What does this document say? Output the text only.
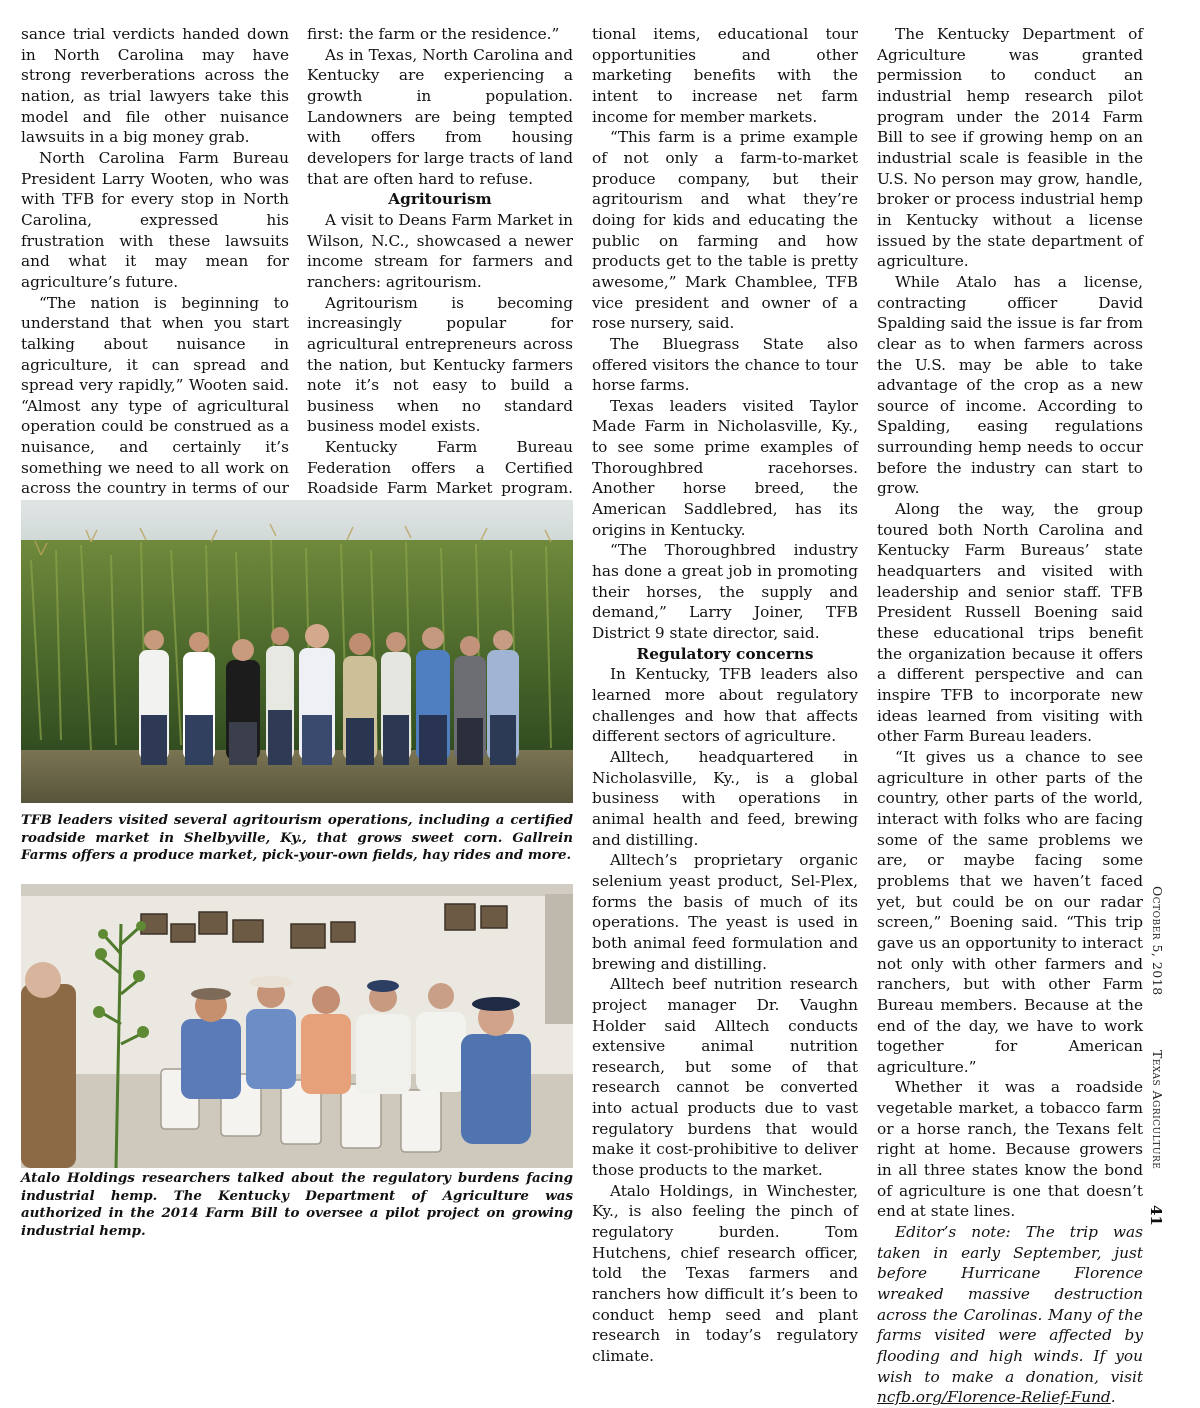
sance trial verdicts handed down in North Carolina may have strong reverberations across the nation, as trial lawyers take this model and file other nuisance lawsuits in a big money grab.

North Carolina Farm Bureau President Larry Wooten, who was with TFB for every stop in North Carolina, expressed his frustration with these lawsuits and what it may mean for agriculture’s future.

“The nation is beginning to understand that when you start talking about nuisance in agriculture, it can spread and spread very rapidly,” Wooten said. “Almost any type of agricultural operation could be construed as a nuisance, and certainly it’s something we need to all work on across the country in terms of our

first: the farm or the residence.”

As in Texas, North Carolina and Kentucky are experiencing a growth in population. Landowners are being tempted with offers from housing developers for large tracts of land that are often hard to refuse.

Agritourism

A visit to Deans Farm Market in Wilson, N.C., showcased a newer income stream for farmers and ranchers: agritourism.

Agritourism is becoming increasingly popular for agricultural entrepreneurs across the nation, but Kentucky farmers note it’s not easy to build a business when no standard business model exists.

Kentucky Farm Bureau Federation offers a Certified Roadside Farm Market program.

tional items, educational tour opportunities and other marketing benefits with the intent to increase net farm income for member markets.

“This farm is a prime example of not only a farm-to-market produce company, but their agritourism and what they’re doing for kids and educating the public on farming and how products get to the table is pretty awesome,” Mark Chamblee, TFB vice president and owner of a rose nursery, said.

The Bluegrass State also offered visitors the chance to tour horse farms.

Texas leaders visited Taylor Made Farm in Nicholasville, Ky., to see some prime examples of Thoroughbred racehorses. Another horse breed, the American Saddlebred, has its origins in Kentucky.

“The Thoroughbred industry has done a great job in promoting their horses, the supply and demand,” Larry Joiner, TFB District 9 state director, said.

Regulatory concerns

In Kentucky, TFB leaders also learned more about regulatory challenges and how that affects different sectors of agriculture.

Alltech, headquartered in Nicholasville, Ky., is a global business with operations in animal health and feed, brewing and distilling.

Alltech’s proprietary organic selenium yeast product, Sel-Plex, forms the basis of much of its operations. The yeast is used in both animal feed formulation and brewing and distilling.

Alltech beef nutrition research project manager Dr. Vaughn Holder said Alltech conducts extensive animal nutrition research, but some of that research cannot be converted into actual products due to vast regulatory burdens that would make it cost-prohibitive to deliver those products to the market.

Atalo Holdings, in Winchester, Ky., is also feeling the pinch of regulatory burden. Tom Hutchens, chief research officer, told the Texas farmers and ranchers how difficult it’s been to conduct hemp seed and plant research in today’s regulatory climate.

The Kentucky Department of Agriculture was granted permission to conduct an industrial hemp research pilot program under the 2014 Farm Bill to see if growing hemp on an industrial scale is feasible in the U.S. No person may grow, handle, broker or process industrial hemp in Kentucky without a license issued by the state department of agriculture.

While Atalo has a license, contracting officer David Spalding said the issue is far from clear as to when farmers across the U.S. may be able to take advantage of the crop as a new source of income. According to Spalding, easing regulations surrounding hemp needs to occur before the industry can start to grow.

Along the way, the group toured both North Carolina and Kentucky Farm Bureaus’ state headquarters and visited with leadership and senior staff. TFB President Russell Boening said these educational trips benefit the organization because it offers a different perspective and can inspire TFB to incorporate new ideas learned from visiting with other Farm Bureau leaders.

“It gives us a chance to see agriculture in other parts of the country, other parts of the world, interact with folks who are facing some of the same problems we are, or maybe facing some problems that we haven’t faced yet, but could be on our radar screen,” Boening said. “This trip gave us an opportunity to interact not only with other farmers and ranchers, but with other Farm Bureau members. Because at the end of the day, we have to work together for American agriculture.”

Whether it was a roadside vegetable market, a tobacco farm or a horse ranch, the Texans felt right at home. Because growers in all three states know the bond of agriculture is one that doesn’t end at state lines.

Editor’s note: The trip was taken in early September, just before Hurricane Florence wreaked massive destruction across the Carolinas. Many of the farms visited were affected by flooding and high winds. If you wish to make a donation, visit ncfb.org/Florence-Relief-Fund.

TFB leaders visited several agritourism operations, including a certified roadside market in Shelbyville, Ky., that grows sweet corn. Gallrein Farms offers a produce market, pick-your-own fields, hay rides and more.
Atalo Holdings researchers talked about the regulatory burdens facing industrial hemp. The Kentucky Department of Agriculture was authorized in the 2014 Farm Bill to oversee a pilot project on growing industrial hemp.
October 5, 2018
Texas Agriculture
41
